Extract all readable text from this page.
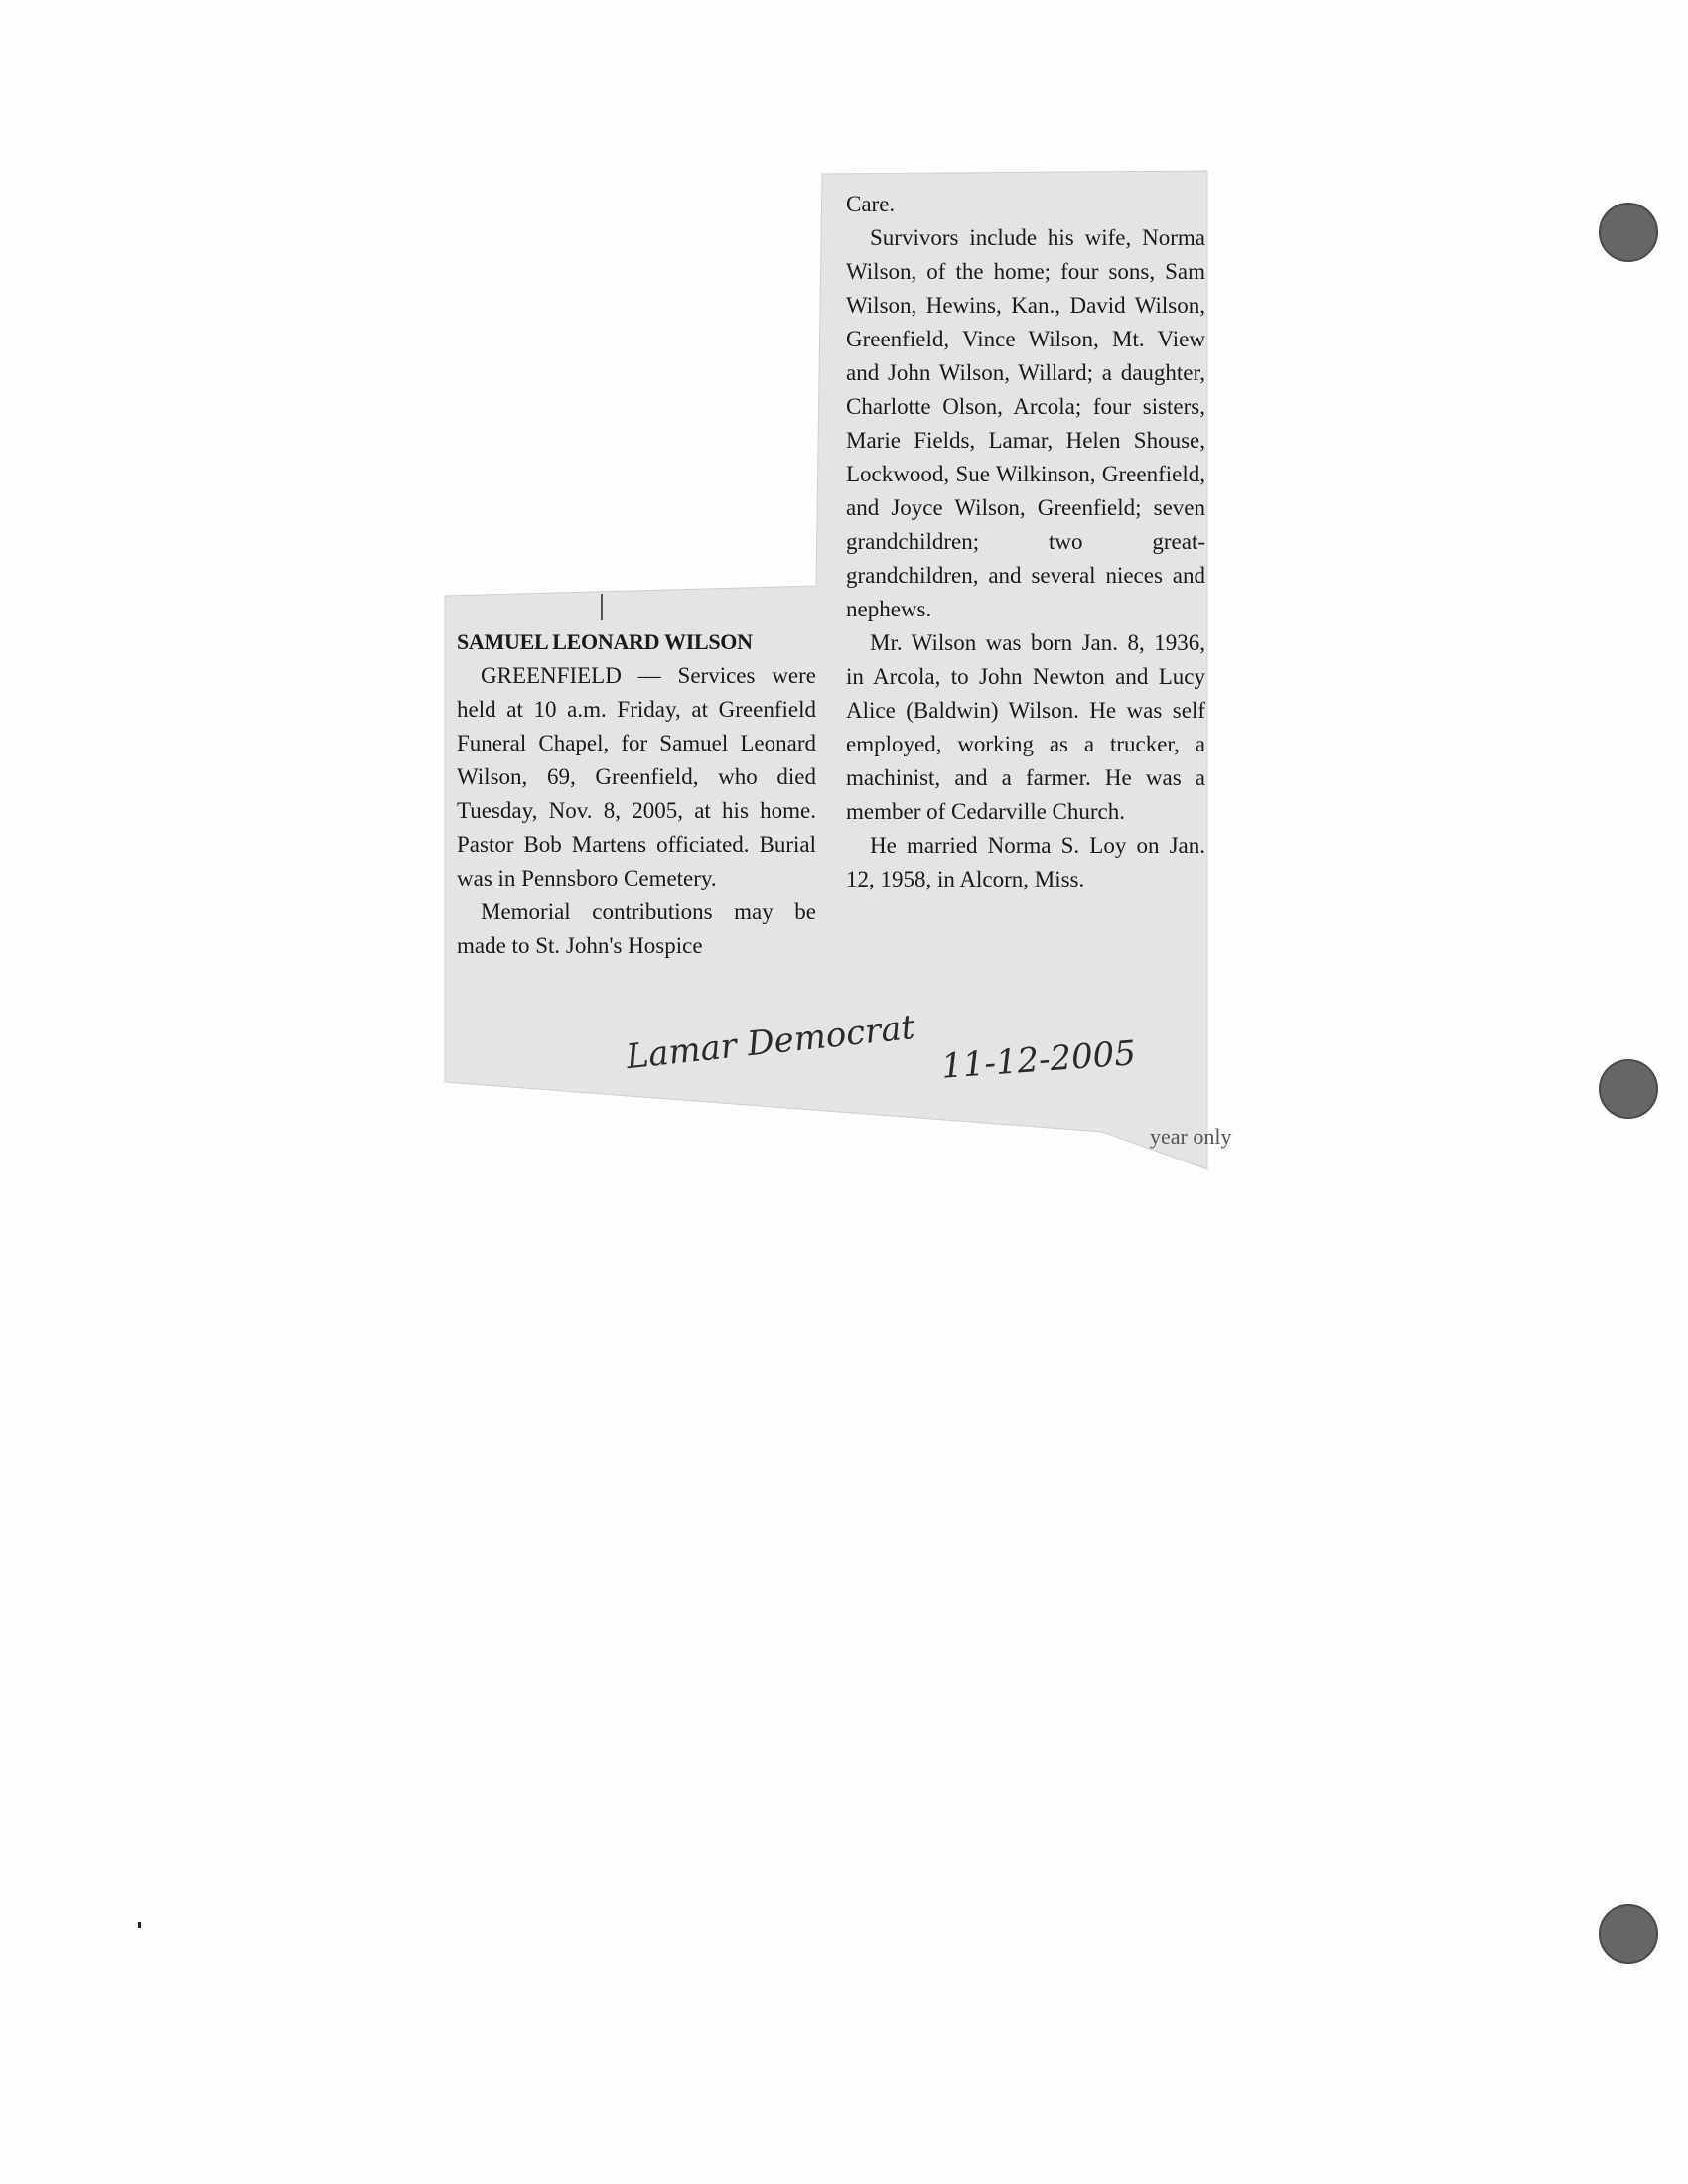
SAMUEL LEONARD WILSON

GREENFIELD — Services were held at 10 a.m. Friday, at Greenfield Funeral Chapel, for Samuel Leonard Wilson, 69, Greenfield, who died Tuesday, Nov. 8, 2005, at his home. Pastor Bob Martens officiated. Burial was in Pennsboro Cemetery.

Memorial contributions may be made to St. John's Hospice

Care.

Survivors include his wife, Norma Wilson, of the home; four sons, Sam Wilson, Hewins, Kan., David Wilson, Greenfield, Vince Wilson, Mt. View and John Wilson, Willard; a daughter, Charlotte Olson, Arcola; four sisters, Marie Fields, Lamar, Helen Shouse, Lockwood, Sue Wilkinson, Greenfield, and Joyce Wilson, Greenfield; seven grandchildren; two great-grandchildren, and several nieces and nephews.

Mr. Wilson was born Jan. 8, 1936, in Arcola, to John Newton and Lucy Alice (Baldwin) Wilson. He was self employed, working as a trucker, a machinist, and a farmer. He was a member of Cedarville Church.

He married Norma S. Loy on Jan. 12, 1958, in Alcorn, Miss.

Lamar Democrat 11-12-2005
year only
